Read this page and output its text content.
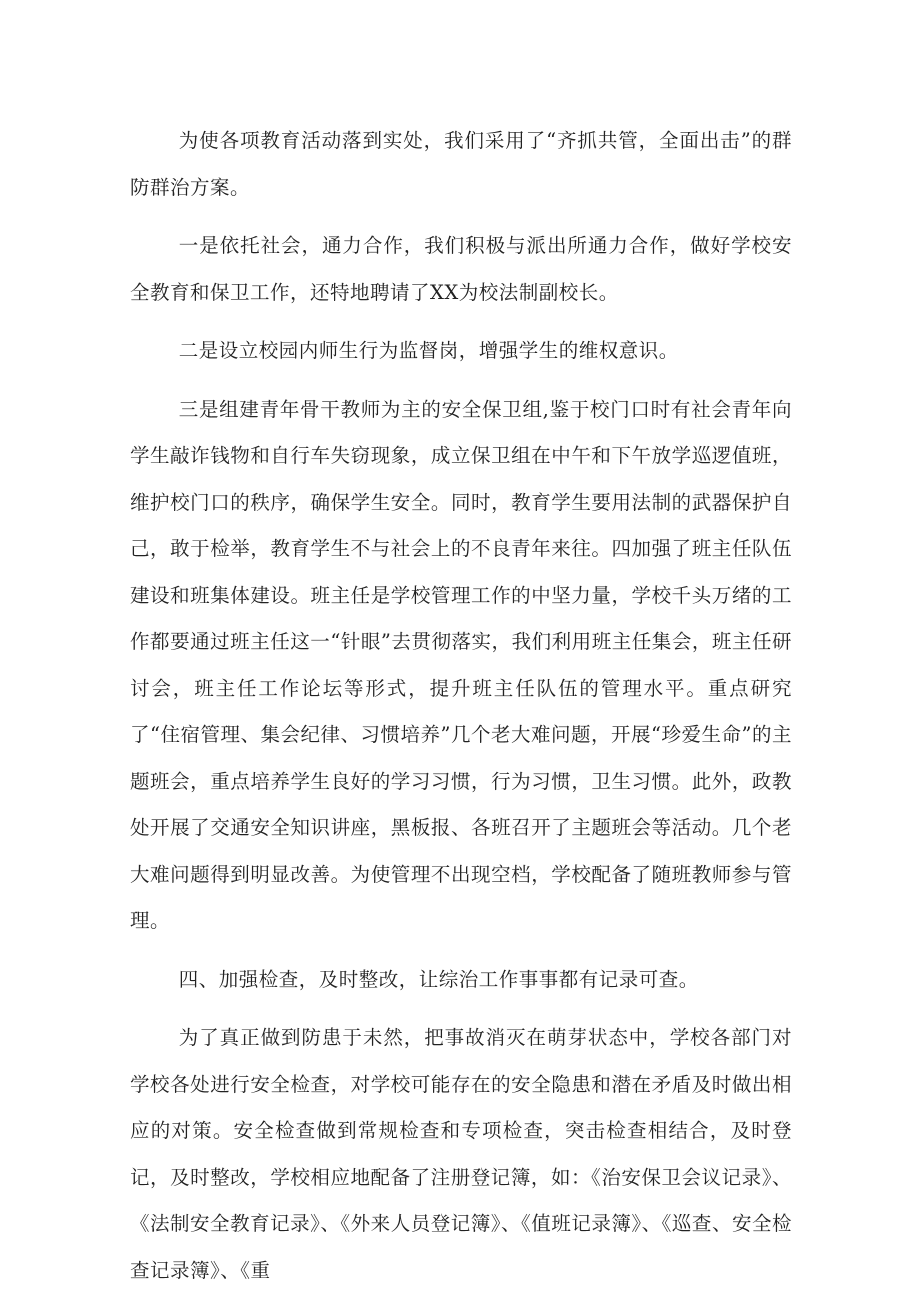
为使各项教育活动落到实处，我们采用了“齐抓共管，全面出击”的群防群治方案。

一是依托社会，通力合作，我们积极与派出所通力合作，做好学校安全教育和保卫工作，还特地聘请了XX为校法制副校长。

二是设立校园内师生行为监督岗，增强学生的维权意识。

三是组建青年骨干教师为主的安全保卫组,鉴于校门口时有社会青年向学生敲诈钱物和自行车失窃现象，成立保卫组在中午和下午放学巡逻值班，维护校门口的秩序，确保学生安全。同时，教育学生要用法制的武器保护自己，敢于检举，教育学生不与社会上的不良青年来往。四加强了班主任队伍建设和班集体建设。班主任是学校管理工作的中坚力量，学校千头万绪的工作都要通过班主任这一“针眼”去贯彻落实，我们利用班主任集会，班主任研讨会，班主任工作论坛等形式，提升班主任队伍的管理水平。重点研究了“住宿管理、集会纪律、习惯培养”几个老大难问题，开展“珍爱生命”的主题班会，重点培养学生良好的学习习惯，行为习惯，卫生习惯。此外，政教处开展了交通安全知识讲座，黑板报、各班召开了主题班会等活动。几个老大难问题得到明显改善。为使管理不出现空档，学校配备了随班教师参与管理。

四、加强检查，及时整改，让综治工作事事都有记录可查。

为了真正做到防患于未然，把事故消灭在萌芽状态中，学校各部门对学校各处进行安全检查，对学校可能存在的安全隐患和潜在矛盾及时做出相应的对策。安全检查做到常规检查和专项检查，突击检查相结合，及时登记，及时整改，学校相应地配备了注册登记簿，如：《治安保卫会议记录》、《法制安全教育记录》、《外来人员登记簿》、《值班记录簿》、《巡查、安全检查记录簿》、《重
